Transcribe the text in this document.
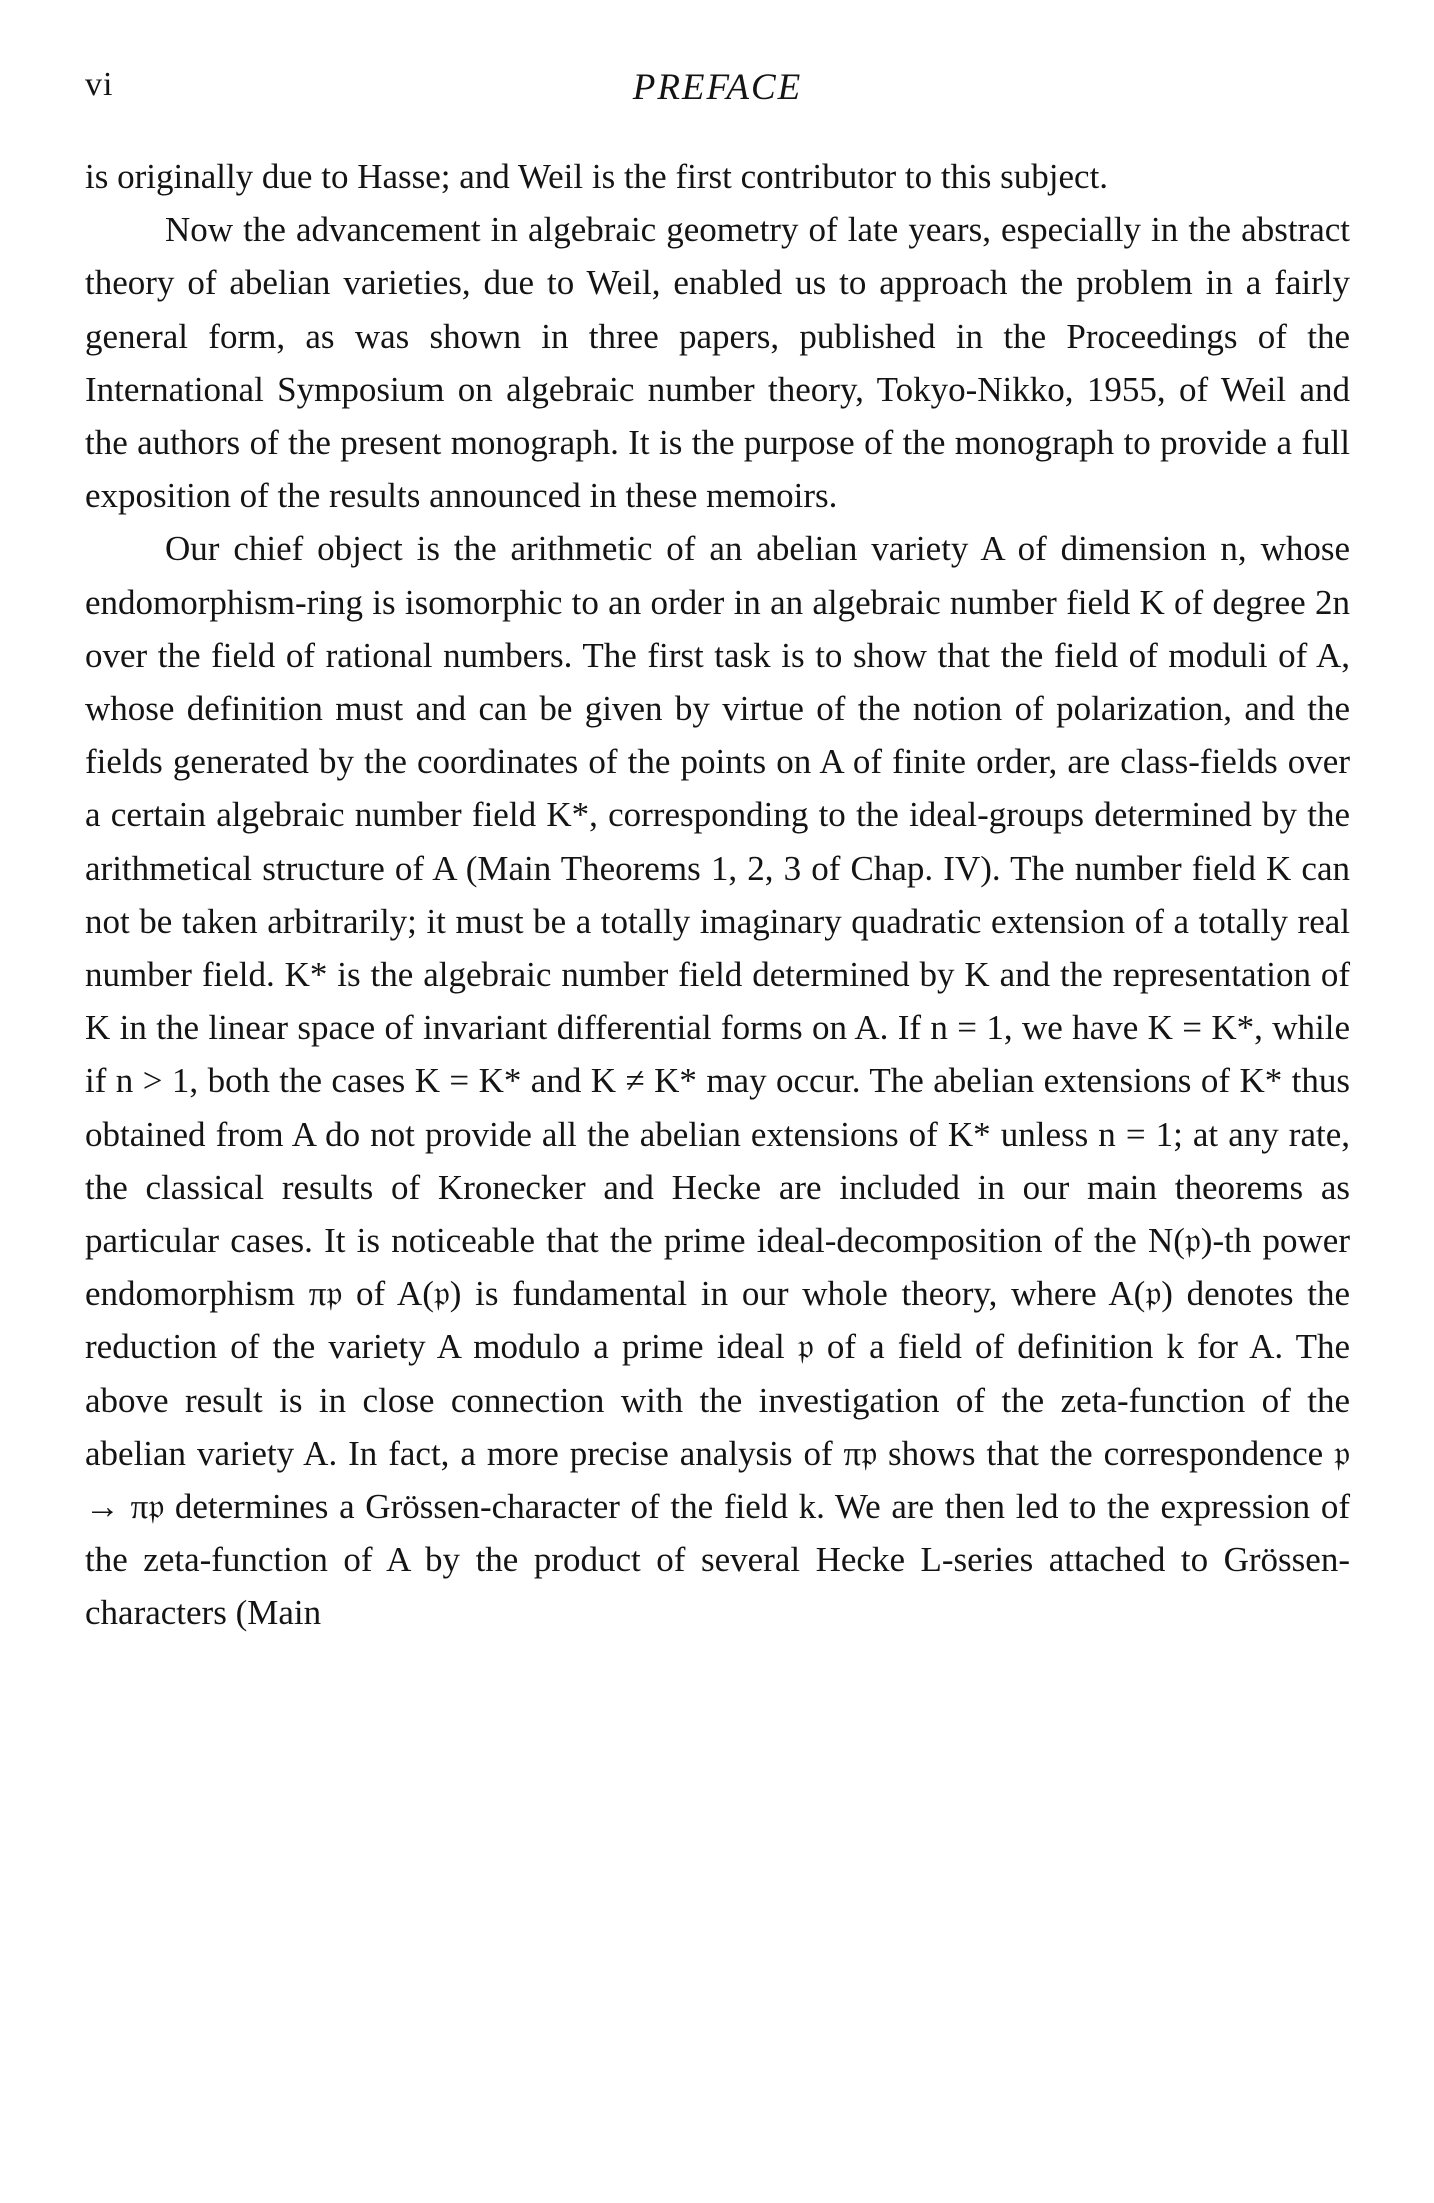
vi	PREFACE

is originally due to Hasse; and Weil is the first contributor to this subject.

Now the advancement in algebraic geometry of late years, especially in the abstract theory of abelian varieties, due to Weil, enabled us to approach the problem in a fairly general form, as was shown in three papers, published in the Proceedings of the International Symposium on algebraic number theory, Tokyo-Nikko, 1955, of Weil and the authors of the present monograph. It is the purpose of the monograph to provide a full exposition of the results announced in these memoirs.

Our chief object is the arithmetic of an abelian variety A of dimension n, whose endomorphism-ring is isomorphic to an order in an algebraic number field K of degree 2n over the field of rational numbers. The first task is to show that the field of moduli of A, whose definition must and can be given by virtue of the notion of polarization, and the fields generated by the coordinates of the points on A of finite order, are class-fields over a certain algebraic number field K*, corresponding to the ideal-groups determined by the arithmetical structure of A (Main Theorems 1, 2, 3 of Chap. IV). The number field K can not be taken arbitrarily; it must be a totally imaginary quadratic extension of a totally real number field. K* is the algebraic number field determined by K and the representation of K in the linear space of invariant differential forms on A. If n = 1, we have K = K*, while if n > 1, both the cases K = K* and K ≠ K* may occur. The abelian extensions of K* thus obtained from A do not provide all the abelian extensions of K* unless n = 1; at any rate, the classical results of Kronecker and Hecke are included in our main theorems as particular cases. It is noticeable that the prime ideal-decomposition of the N(𝔭)-th power endomorphism π𝔭 of A(𝔭) is fundamental in our whole theory, where A(𝔭) denotes the reduction of the variety A modulo a prime ideal 𝔭 of a field of definition k for A. The above result is in close connection with the investigation of the zeta-function of the abelian variety A. In fact, a more precise analysis of π𝔭 shows that the correspondence 𝔭 → π𝔭 determines a Grössen-character of the field k. We are then led to the expression of the zeta-function of A by the product of several Hecke L-series attached to Grössen-characters (Main
